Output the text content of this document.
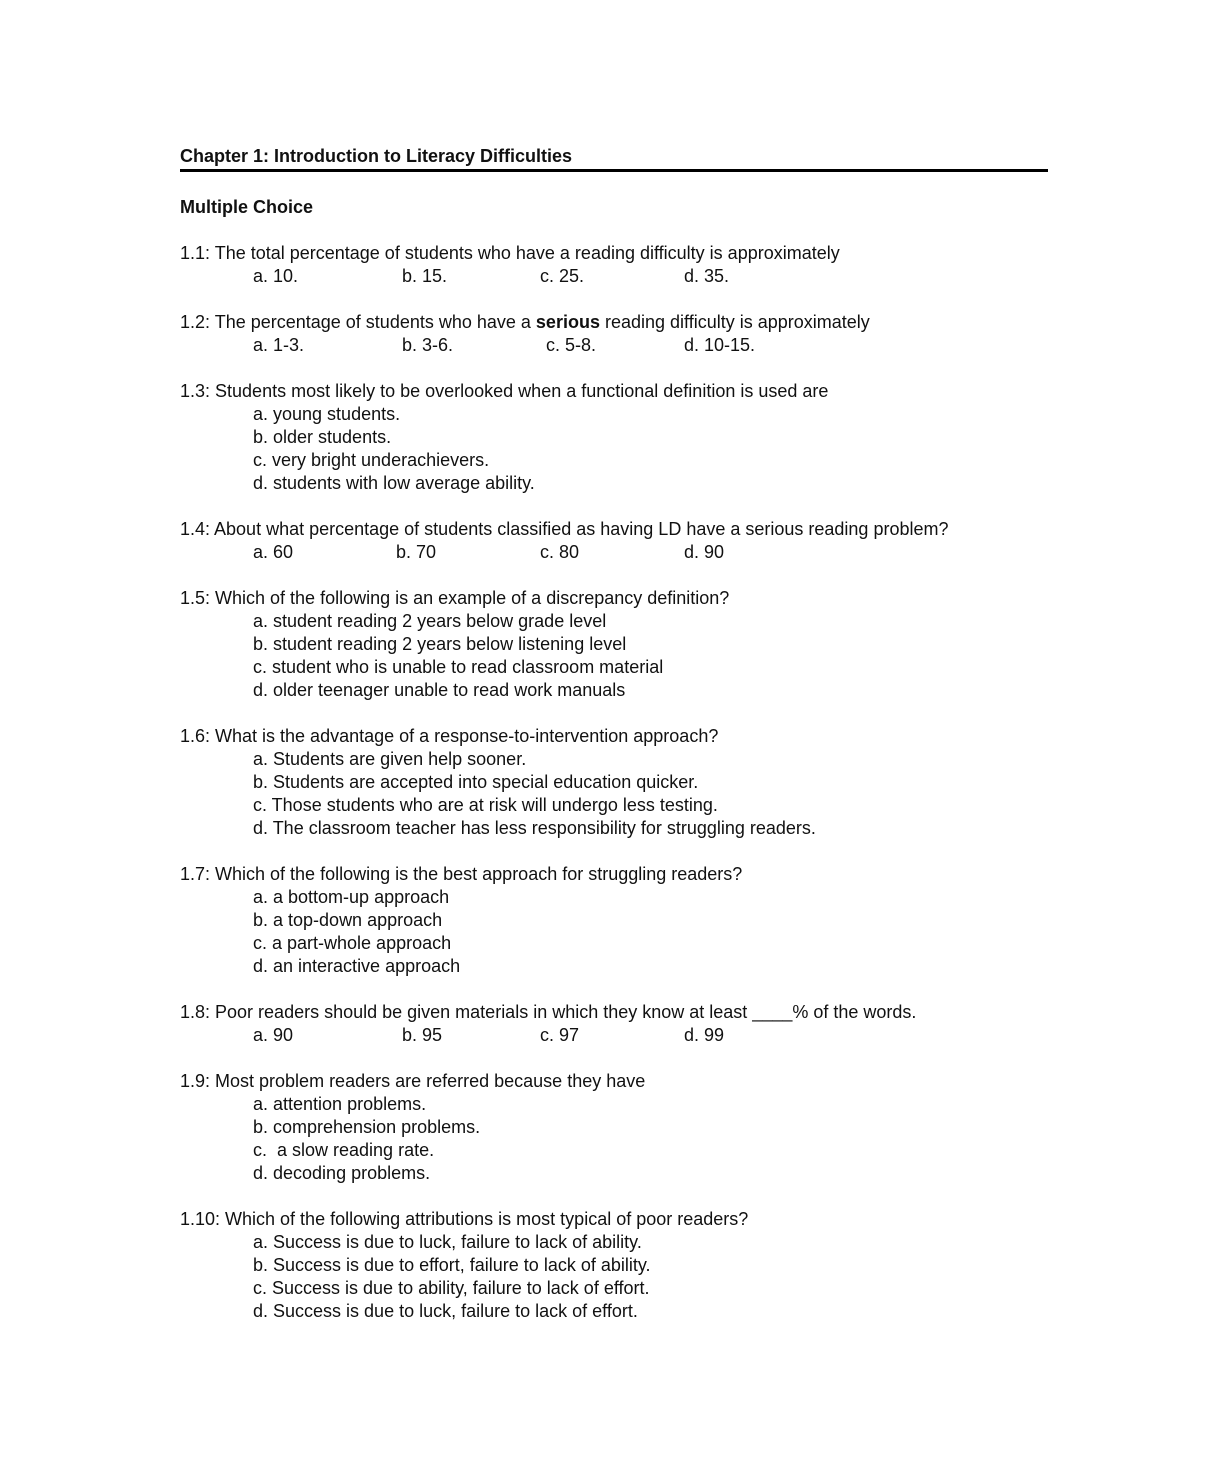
Chapter 1: Introduction to Literacy Difficulties
Multiple Choice
1.1: The total percentage of students who have a reading difficulty is approximately
a. 10.	b. 15.	c. 25.	d. 35.
1.2: The percentage of students who have a serious reading difficulty is approximately
a. 1-3.	b. 3-6.	c. 5-8.	d. 10-15.
1.3: Students most likely to be overlooked when a functional definition is used are
a. young students.
b. older students.
c. very bright underachievers.
d. students with low average ability.
1.4: About what percentage of students classified as having LD have a serious reading problem?
a. 60	b. 70	c. 80	d. 90
1.5: Which of the following is an example of a discrepancy definition?
a. student reading 2 years below grade level
b. student reading 2 years below listening level
c. student who is unable to read classroom material
d. older teenager unable to read work manuals
1.6: What is the advantage of a response-to-intervention approach?
a. Students are given help sooner.
b. Students are accepted into special education quicker.
c. Those students who are at risk will undergo less testing.
d. The classroom teacher has less responsibility for struggling readers.
1.7: Which of the following is the best approach for struggling readers?
a. a bottom-up approach
b. a top-down approach
c. a part-whole approach
d. an interactive approach
1.8: Poor readers should be given materials in which they know at least ____% of the words.
a. 90	b. 95	c. 97	d. 99
1.9: Most problem readers are referred because they have
a. attention problems.
b. comprehension problems.
c.  a slow reading rate.
d. decoding problems.
1.10: Which of the following attributions is most typical of poor readers?
a. Success is due to luck, failure to lack of ability.
b. Success is due to effort, failure to lack of ability.
c. Success is due to ability, failure to lack of effort.
d. Success is due to luck, failure to lack of effort.
